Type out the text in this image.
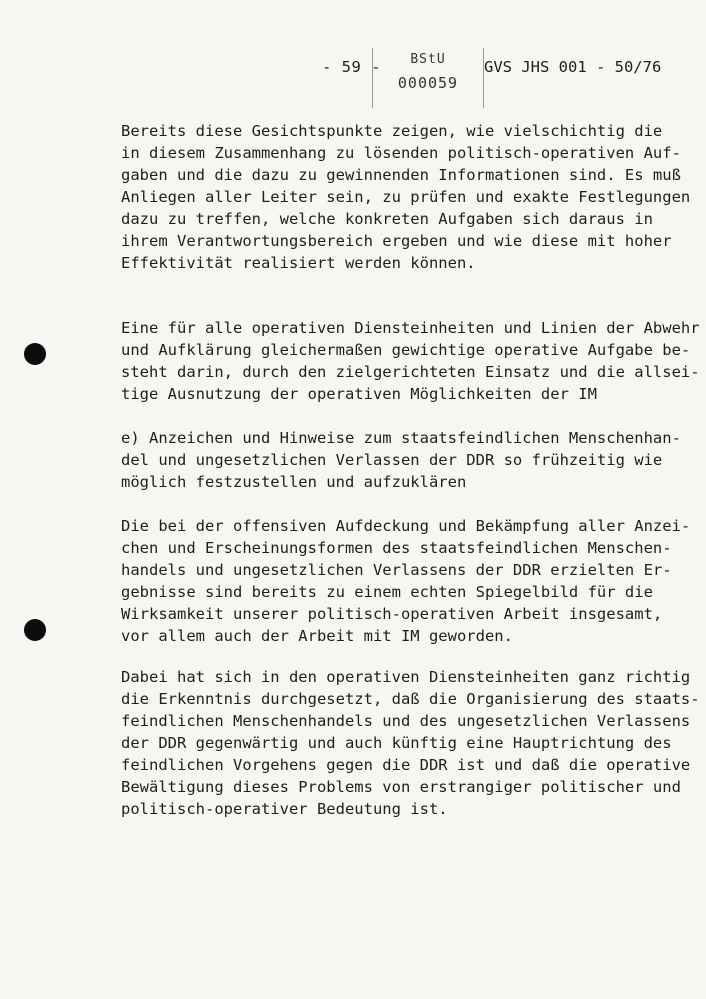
- 59 -	BStU
000059
GVS JHS 001 - 50/76
Bereits diese Gesichtspunkte zeigen, wie vielschichtig die
in diesem Zusammenhang zu lösenden politisch-operativen Auf-
gaben und die dazu zu gewinnenden Informationen sind. Es muß
Anliegen aller Leiter sein, zu prüfen und exakte Festlegungen
dazu zu treffen, welche konkreten Aufgaben sich daraus in
ihrem Verantwortungsbereich ergeben und wie diese mit hoher
Effektivität realisiert werden können.
Eine für alle operativen Diensteinheiten und Linien der Abwehr
und Aufklärung gleichermaßen gewichtige operative Aufgabe be-
steht darin, durch den zielgerichteten Einsatz und die allsei-
tige Ausnutzung der operativen Möglichkeiten der IM
e) Anzeichen und Hinweise zum staatsfeindlichen Menschenhan-
del und ungesetzlichen Verlassen der DDR so frühzeitig wie
möglich festzustellen und aufzuklären
Die bei der offensiven Aufdeckung und Bekämpfung aller Anzei-
chen und Erscheinungsformen des staatsfeindlichen Menschen-
handels und ungesetzlichen Verlassens der DDR erzielten Er-
gebnisse sind bereits zu einem echten Spiegelbild für die
Wirksamkeit unserer politisch-operativen Arbeit insgesamt,
vor allem auch der Arbeit mit IM geworden.
Dabei hat sich in den operativen Diensteinheiten ganz richtig
die Erkenntnis durchgesetzt, daß die Organisierung des staats-
feindlichen Menschenhandels und des ungesetzlichen Verlassens
der DDR gegenwärtig und auch künftig eine Hauptrichtung des
feindlichen Vorgehens gegen die DDR ist und daß die operative
Bewältigung dieses Problems von erstrangiger politischer und
politisch-operativer Bedeutung ist.
